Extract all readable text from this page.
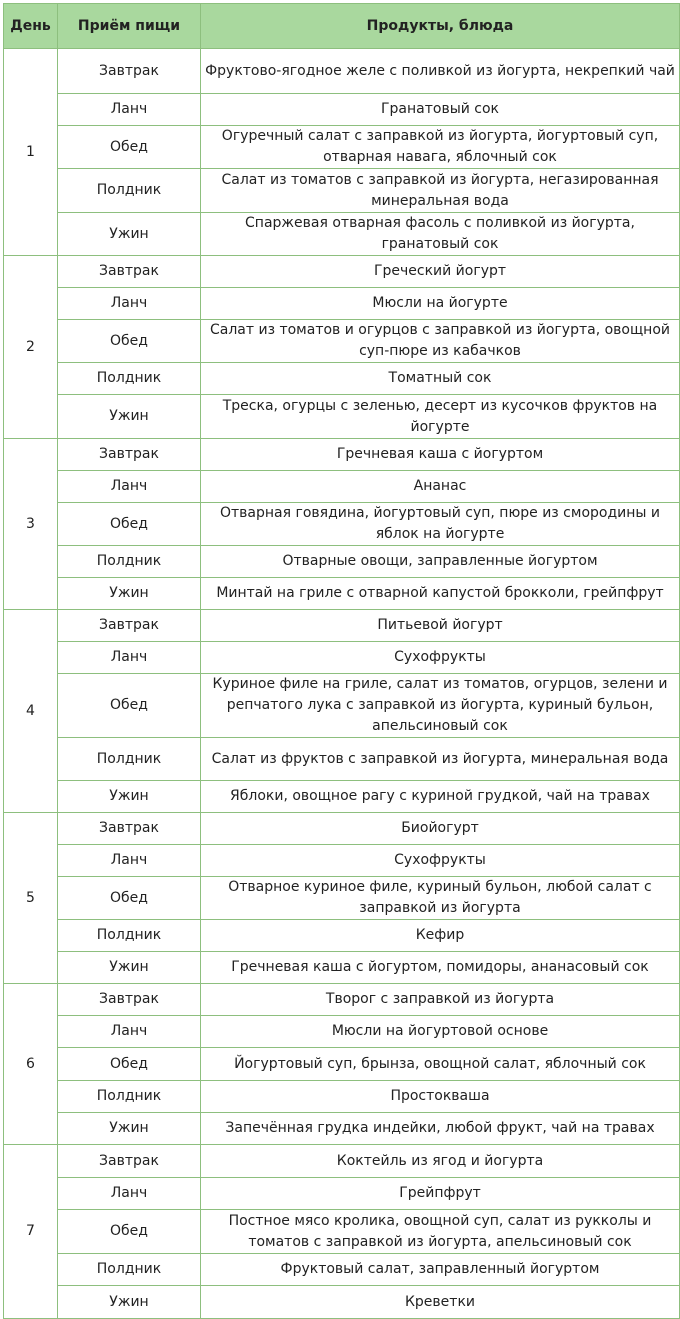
День	Приём пищи	Продукты, блюда
1	Завтрак	Фруктово-ягодное желе с поливкой из йогурта, некрепкий чай
	Ланч	Гранатовый сок
	Обед	Огуречный салат с заправкой из йогурта, йогуртовый суп, отварная навага, яблочный сок
	Полдник	Салат из томатов с заправкой из йогурта, негазированная минеральная вода
	Ужин	Спаржевая отварная фасоль с поливкой из йогурта, гранатовый сок
2	Завтрак	Греческий йогурт
	Ланч	Мюсли на йогурте
	Обед	Салат из томатов и огурцов с заправкой из йогурта, овощной суп-пюре из кабачков
	Полдник	Томатный сок
	Ужин	Треска, огурцы с зеленью, десерт из кусочков фруктов на йогурте
3	Завтрак	Гречневая каша с йогуртом
	Ланч	Ананас
	Обед	Отварная говядина, йогуртовый суп, пюре из смородины и яблок на йогурте
	Полдник	Отварные овощи, заправленные йогуртом
	Ужин	Минтай на гриле с отварной капустой брокколи, грейпфрут
4	Завтрак	Питьевой йогурт
	Ланч	Сухофрукты
	Обед	Куриное филе на гриле, салат из томатов, огурцов, зелени и репчатого лука с заправкой из йогурта, куриный бульон, апельсиновый сок
	Полдник	Салат из фруктов с заправкой из йогурта, минеральная вода
	Ужин	Яблоки, овощное рагу с куриной грудкой, чай на травах
5	Завтрак	Биойогурт
	Ланч	Сухофрукты
	Обед	Отварное куриное филе, куриный бульон, любой салат с заправкой из йогурта
	Полдник	Кефир
	Ужин	Гречневая каша с йогуртом, помидоры, ананасовый сок
6	Завтрак	Творог с заправкой из йогурта
	Ланч	Мюсли на йогуртовой основе
	Обед	Йогуртовый суп, брынза, овощной салат, яблочный сок
	Полдник	Простокваша
	Ужин	Запечённая грудка индейки, любой фрукт, чай на травах
7	Завтрак	Коктейль из ягод и йогурта
	Ланч	Грейпфрут
	Обед	Постное мясо кролика, овощной суп, салат из рукколы и томатов с заправкой из йогурта, апельсиновый сок
	Полдник	Фруктовый салат, заправленный йогуртом
	Ужин	Креветки
